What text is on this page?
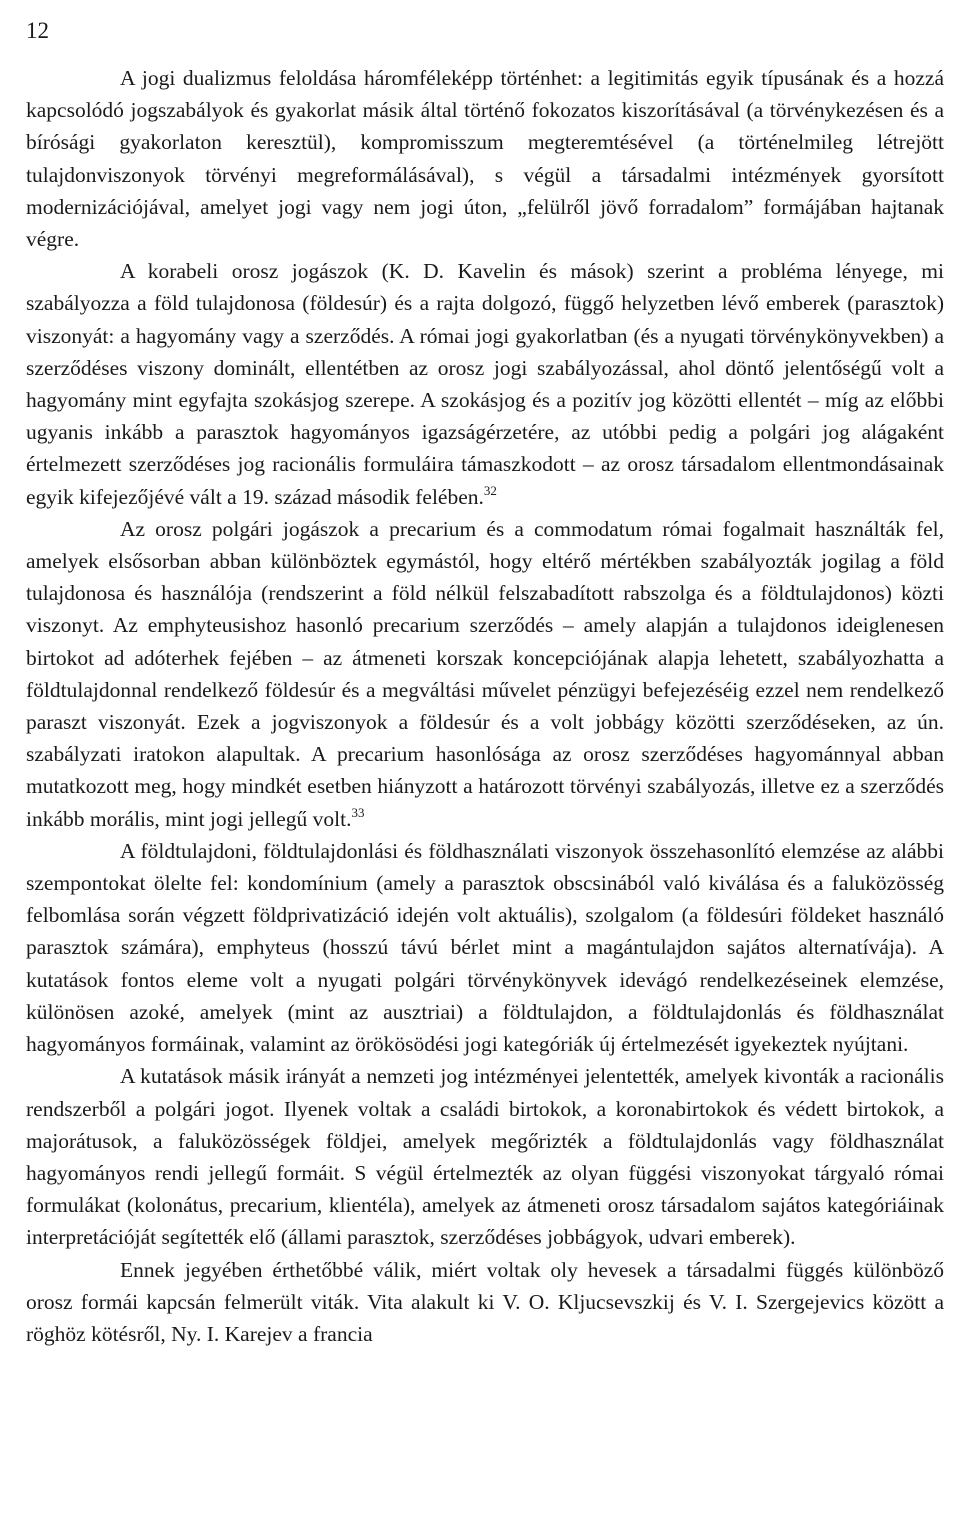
12

A jogi dualizmus feloldása háromféleképp történhet: a legitimitás egyik típusának és a hozzá kapcsolódó jogszabályok és gyakorlat másik által történő fokozatos kiszorításával (a törvénykezésen és a bírósági gyakorlaton keresztül), kompromisszum megteremtésével (a történelmileg létrejött tulajdonviszonyok törvényi megreformálásával), s végül a társadalmi intézmények gyorsított modernizációjával, amelyet jogi vagy nem jogi úton, „felülről jövő forradalom” formájában hajtanak végre.

A korabeli orosz jogászok (K. D. Kavelin és mások) szerint a probléma lényege, mi szabályozza a föld tulajdonosa (földesúr) és a rajta dolgozó, függő helyzetben lévő emberek (parasztok) viszonyát: a hagyomány vagy a szerződés. A római jogi gyakorlatban (és a nyugati törvénykönyvekben) a szerződéses viszony dominált, ellentétben az orosz jogi szabályozással, ahol döntő jelentőségű volt a hagyomány mint egyfajta szokásjog szerepe. A szokásjog és a pozitív jog közötti ellentét – míg az előbbi ugyanis inkább a parasztok hagyományos igazságérzetére, az utóbbi pedig a polgári jog alágaként értelmezett szerződéses jog racionális formuláira támaszkodott – az orosz társadalom ellentmondásainak egyik kifejezőjévé vált a 19. század második felében.$^{32}$

Az orosz polgári jogászok a precarium és a commodatum római fogalmait használták fel, amelyek elsősorban abban különböztek egymástól, hogy eltérő mértékben szabályozták jogilag a föld tulajdonosa és használója (rendszerint a föld nélkül felszabadított rabszolga és a földtulajdonos) közti viszonyt. Az emphyteusishoz hasonló precarium szerződés – amely alapján a tulajdonos ideiglenesen birtokot ad adóterhek fejében – az átmeneti korszak koncepciójának alapja lehetett, szabályozhatta a földtulajdonnal rendelkező földesúr és a megváltási művelet pénzügyi befejezéséig ezzel nem rendelkező paraszt viszonyát. Ezek a jogviszonyok a földesúr és a volt jobbágy közötti szerződéseken, az ún. szabályzati iratokon alapultak. A precarium hasonlósága az orosz szerződéses hagyománnyal abban mutatkozott meg, hogy mindkét esetben hiányzott a határozott törvényi szabályozás, illetve ez a szerződés inkább morális, mint jogi jellegű volt.$^{33}$

A földtulajdoni, földtulajdonlási és földhasználati viszonyok összehasonlító elemzése az alábbi szempontokat ölelte fel: kondomínium (amely a parasztok obscsinából való kiválása és a faluközösség felbomlása során végzett földprivatizáció idején volt aktuális), szolgalom (a földesúri földeket használó parasztok számára), emphyteus (hosszú távú bérlet mint a magántulajdon sajátos alternatívája). A kutatások fontos eleme volt a nyugati polgári törvénykönyvek idevágó rendelkezéseinek elemzése, különösen azoké, amelyek (mint az ausztriai) a földtulajdon, a földtulajdonlás és földhasználat hagyományos formáinak, valamint az örökösödési jogi kategóriák új értelmezését igyekeztek nyújtani.

A kutatások másik irányát a nemzeti jog intézményei jelentették, amelyek kivonták a racionális rendszerből a polgári jogot. Ilyenek voltak a családi birtokok, a koronabirtokok és védett birtokok, a majorátusok, a faluközösségek földjei, amelyek megőrizték a földtulajdonlás vagy földhasználat hagyományos rendi jellegű formáit. S végül értelmezték az olyan függési viszonyokat tárgyaló római formulákat (kolonátus, precarium, klientéla), amelyek az átmeneti orosz társadalom sajátos kategóriáinak interpretációját segítették elő (állami parasztok, szerződéses jobbágyok, udvari emberek).

Ennek jegyében érthetőbbé válik, miért voltak oly hevesek a társadalmi függés különböző orosz formái kapcsán felmerült viták. Vita alakult ki V. O. Kljucsevszkij és V. I. Szergejevics között a röghöz kötésről, Ny. I. Karejev a francia
